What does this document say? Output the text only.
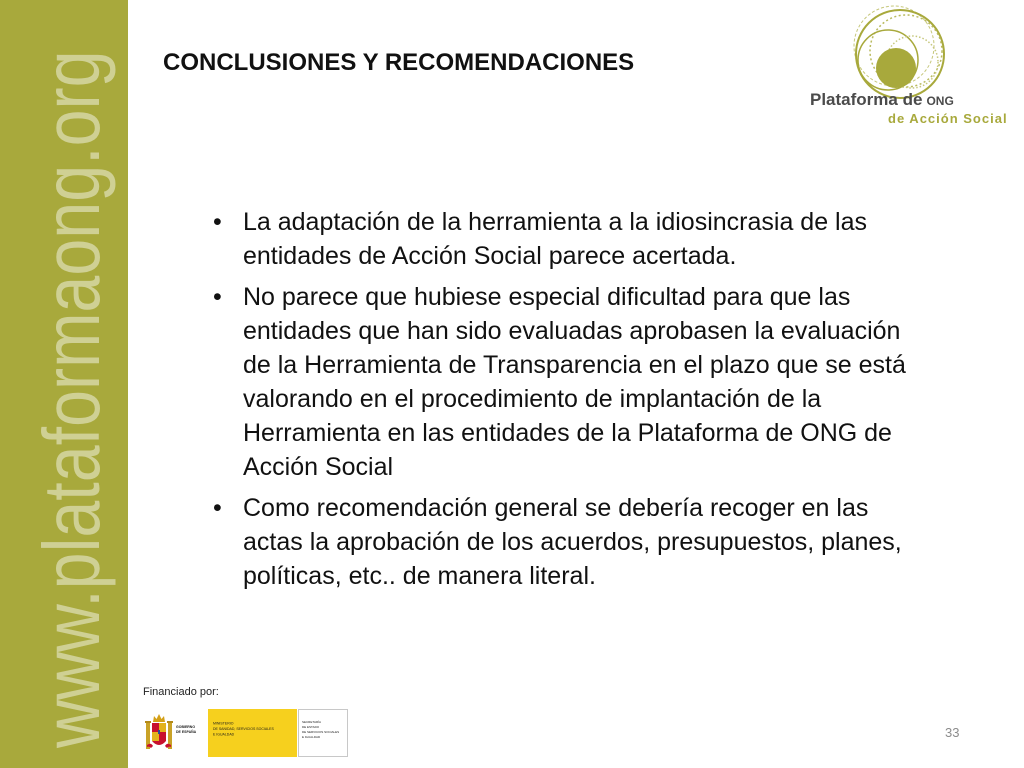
www.plataformaong.org CONCLUSIONES Y RECOMENDACIONES
Plataforma de ONG
de Acción Social
•
La adaptación de la herramienta a la idiosincrasia de las entidades de Acción Social parece acertada.
•
No parece que hubiese especial dificultad para que las entidades que han sido evaluadas aprobasen la evaluación de la Herramienta de Transparencia en el plazo que se está valorando en el procedimiento de implantación de la Herramienta en las entidades de la Plataforma de ONG de Acción Social
•
Como recomendación general se debería recoger en las actas la aprobación de los acuerdos, presupuestos, planes, políticas, etc.. de manera literal.
Financiado por:
GOBIERNO
DE ESPAÑA
MINISTERIO
DE SANIDAD, SERVICIOS SOCIALES
E IGUALDAD
SECRETARÍA
DE ESTADO
DE SERVICIOS SOCIALES
E IGUALDAD	33
